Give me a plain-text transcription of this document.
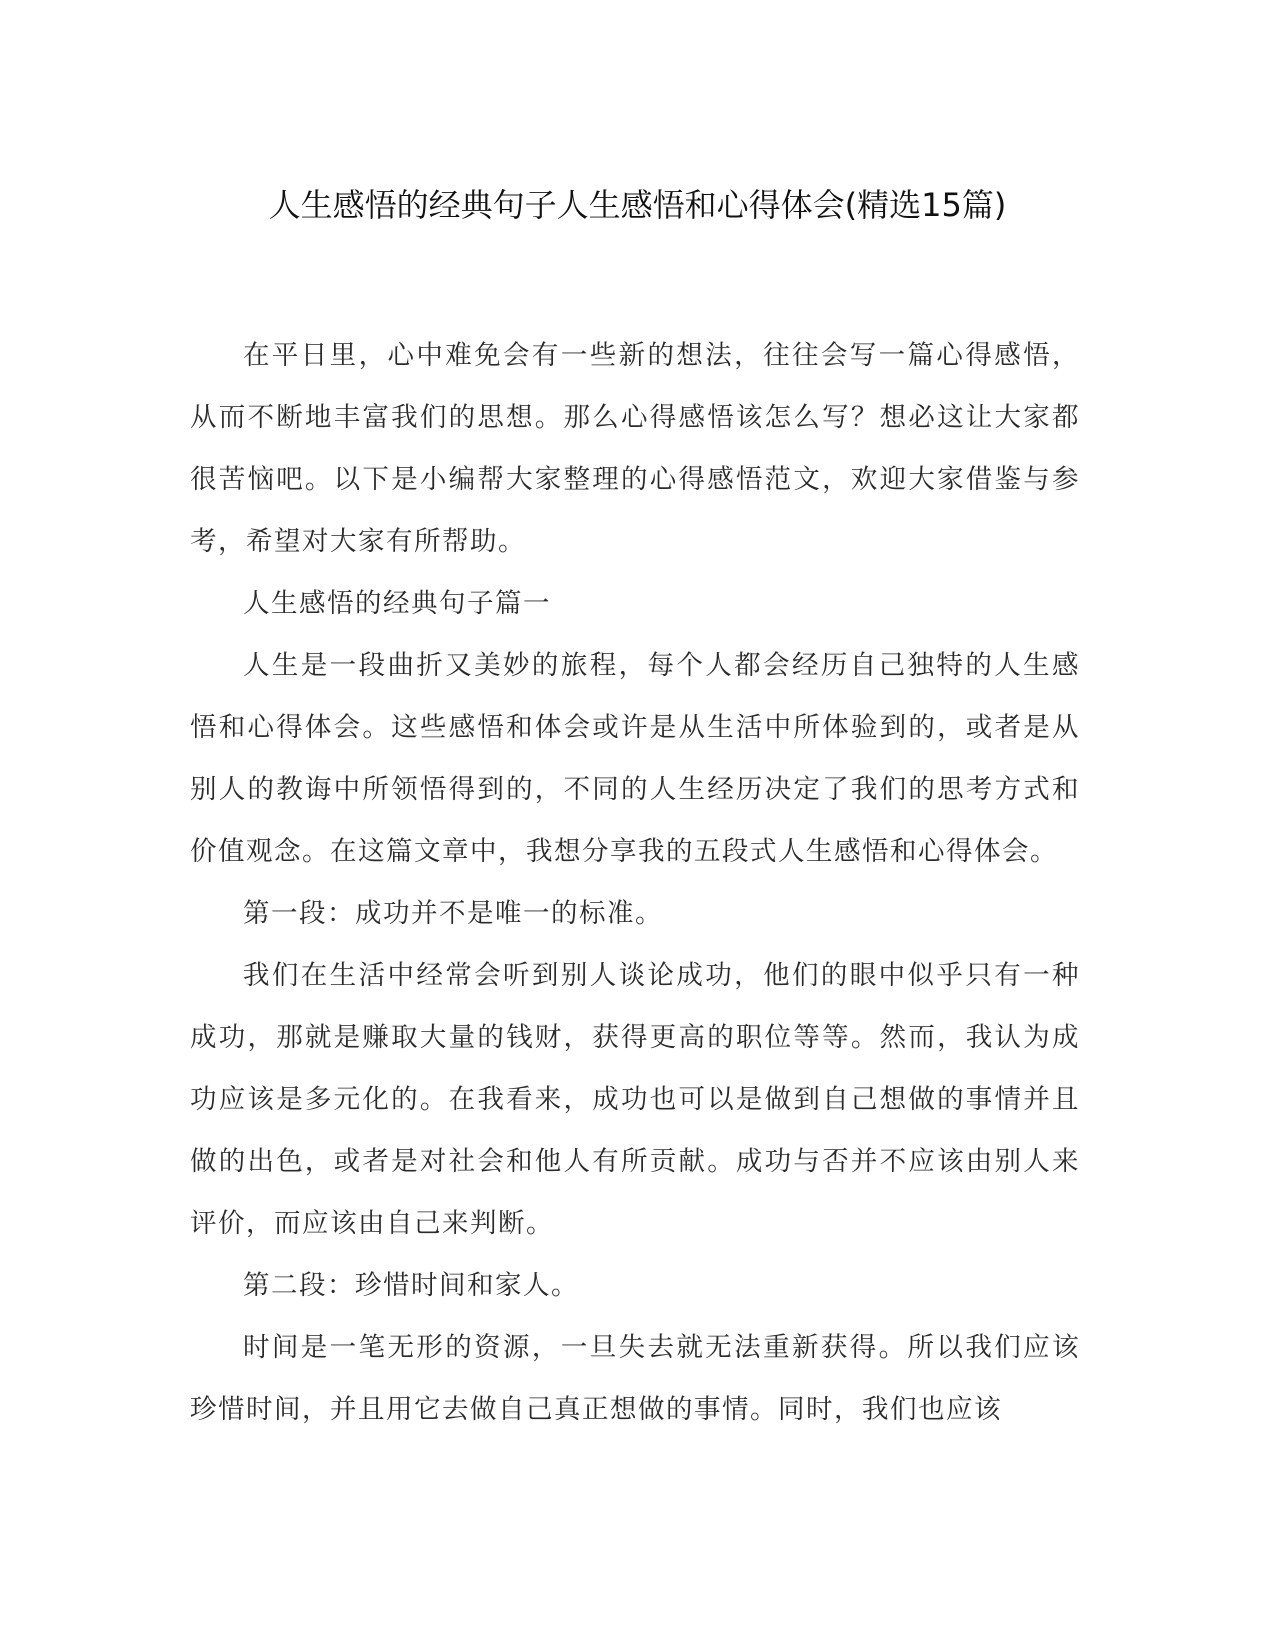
人生感悟的经典句子人生感悟和心得体会(精选15篇)

在平日里，心中难免会有一些新的想法，往往会写一篇心得感悟，从而不断地丰富我们的思想。那么心得感悟该怎么写？想必这让大家都很苦恼吧。以下是小编帮大家整理的心得感悟范文，欢迎大家借鉴与参考，希望对大家有所帮助。

人生感悟的经典句子篇一

人生是一段曲折又美妙的旅程，每个人都会经历自己独特的人生感悟和心得体会。这些感悟和体会或许是从生活中所体验到的，或者是从别人的教诲中所领悟得到的，不同的人生经历决定了我们的思考方式和价值观念。在这篇文章中，我想分享我的五段式人生感悟和心得体会。

第一段：成功并不是唯一的标准。

我们在生活中经常会听到别人谈论成功，他们的眼中似乎只有一种成功，那就是赚取大量的钱财，获得更高的职位等等。然而，我认为成功应该是多元化的。在我看来，成功也可以是做到自己想做的事情并且做的出色，或者是对社会和他人有所贡献。成功与否并不应该由别人来评价，而应该由自己来判断。

第二段：珍惜时间和家人。

时间是一笔无形的资源，一旦失去就无法重新获得。所以我们应该珍惜时间，并且用它去做自己真正想做的事情。同时，我们也应该
